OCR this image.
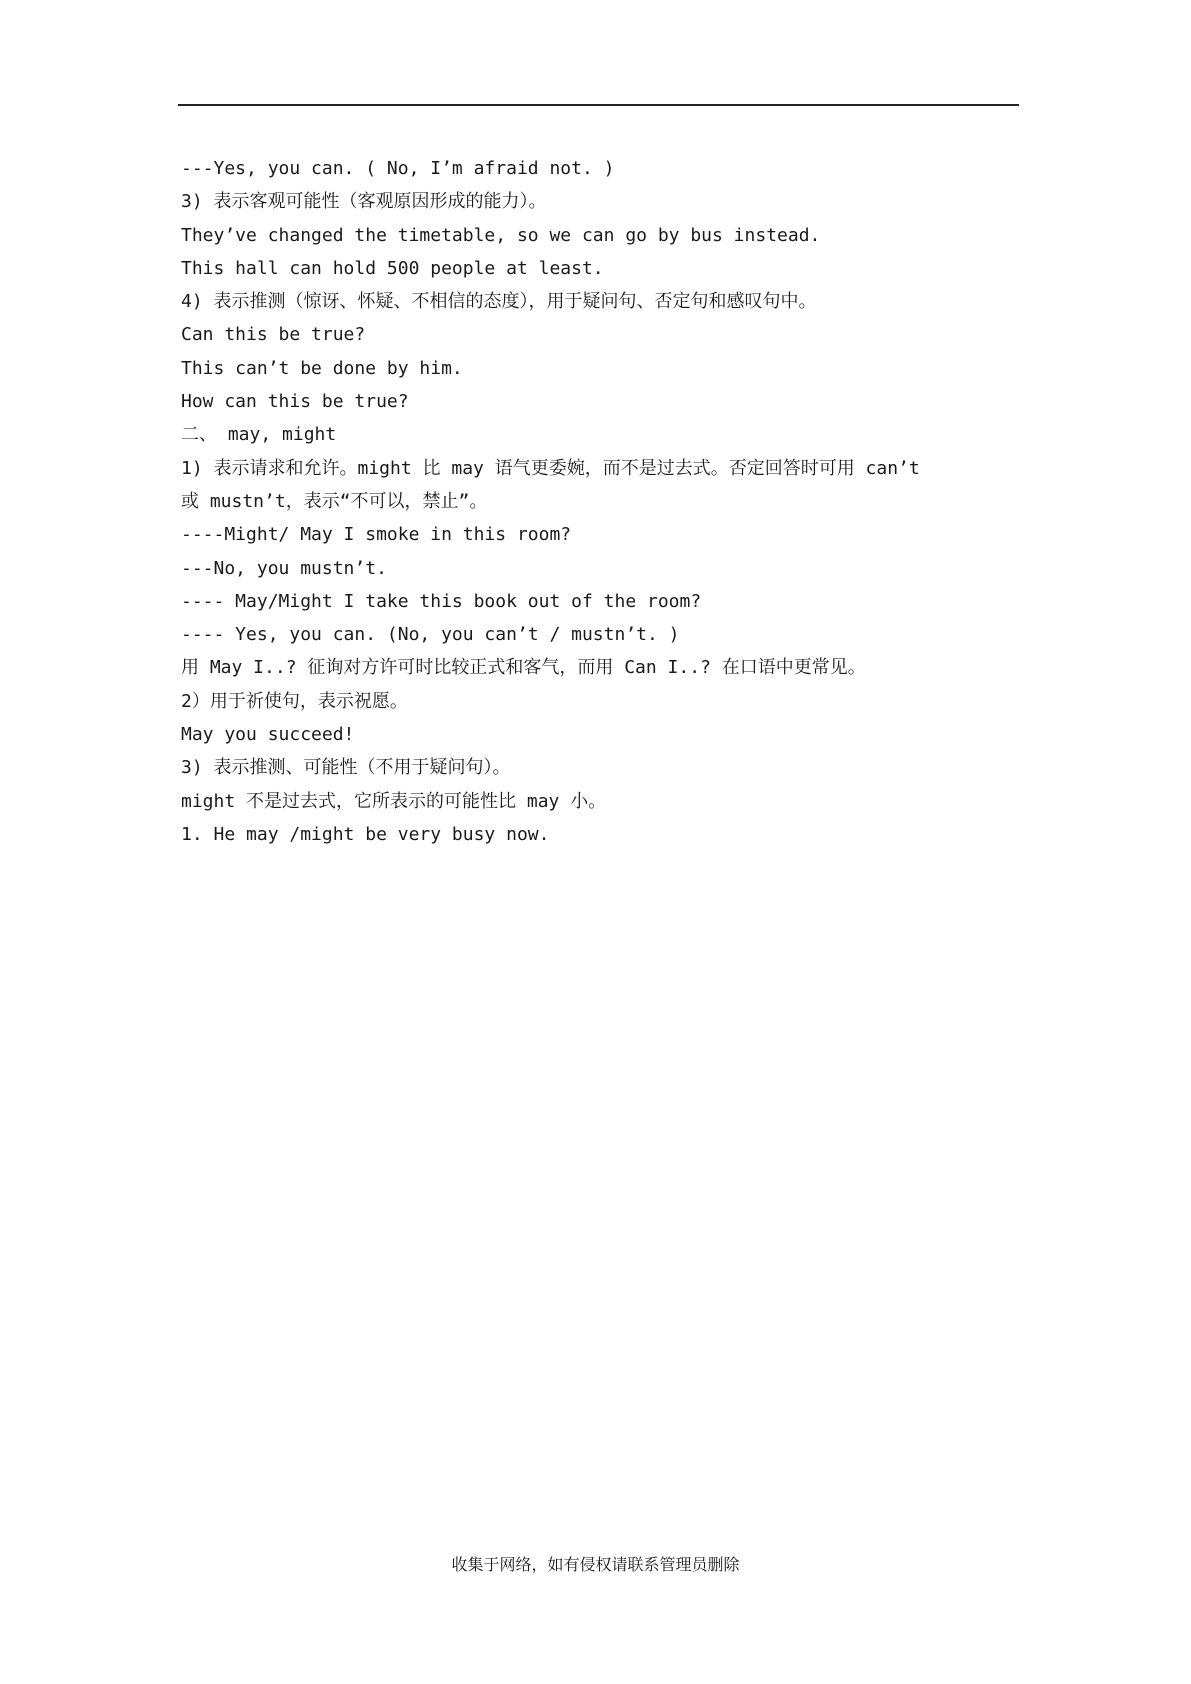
---Yes, you can. ( No, I’m afraid not. )
3) 表示客观可能性（客观原因形成的能力）。
They’ve changed the timetable, so we can go by bus instead.
This hall can hold 500 people at least.
4) 表示推测（惊讶、怀疑、不相信的态度），用于疑问句、否定句和感叹句中。
Can this be true?
This can’t be done by him.
How can this be true?
二、 may, might
1) 表示请求和允许。might 比 may 语气更委婉，而不是过去式。否定回答时可用 can’t
或 mustn’t，表示“不可以，禁止”。
----Might/ May I smoke in this room?
---No, you mustn’t.
---- May/Might I take this book out of the room?
---- Yes, you can. (No, you can’t / mustn’t. )
用 May I..? 征询对方许可时比较正式和客气，而用 Can I..? 在口语中更常见。
2）用于祈使句，表示祝愿。
May you succeed!
3) 表示推测、可能性（不用于疑问句）。
might 不是过去式，它所表示的可能性比 may 小。
1. He may /might be very busy now.
收集于网络，如有侵权请联系管理员删除
